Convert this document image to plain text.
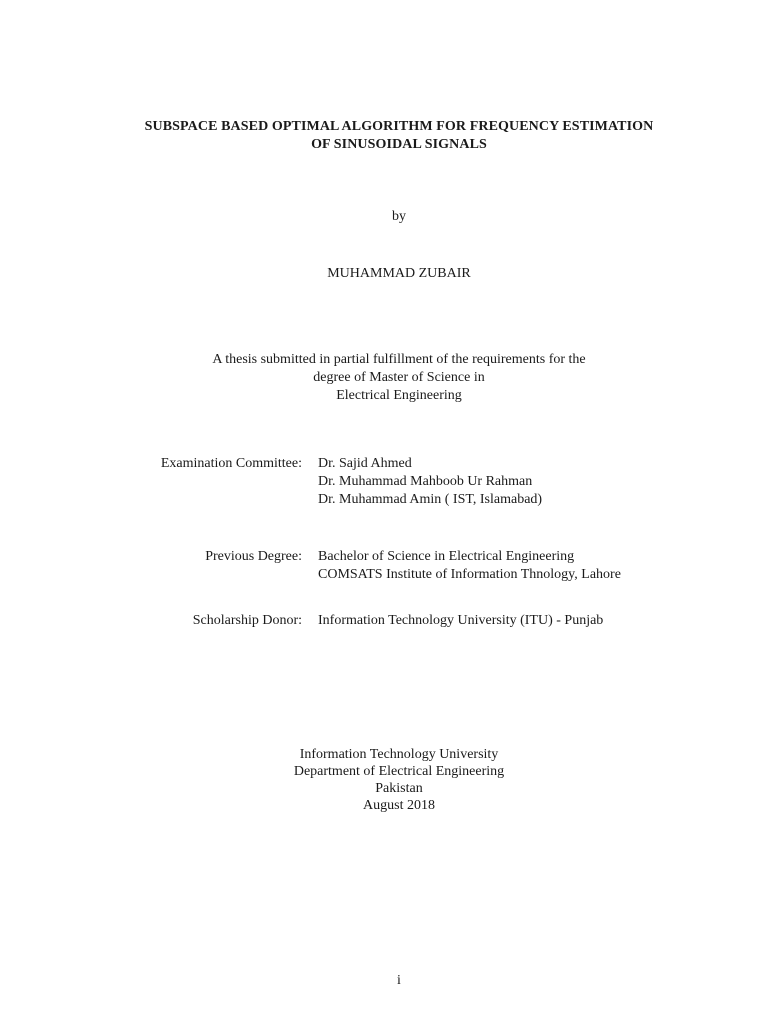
SUBSPACE BASED OPTIMAL ALGORITHM FOR FREQUENCY ESTIMATION
OF SINUSOIDAL SIGNALS
by
MUHAMMAD ZUBAIR
A thesis submitted in partial fulfillment of the requirements for the
degree of Master of Science in
Electrical Engineering
Examination Committee: Dr. Sajid Ahmed
Dr. Muhammad Mahboob Ur Rahman
Dr. Muhammad Amin ( IST, Islamabad)
Previous Degree: Bachelor of Science in Electrical Engineering
COMSATS Institute of Information Thnology, Lahore
Scholarship Donor: Information Technology University (ITU) - Punjab
Information Technology University
Department of Electrical Engineering
Pakistan
August 2018
i
